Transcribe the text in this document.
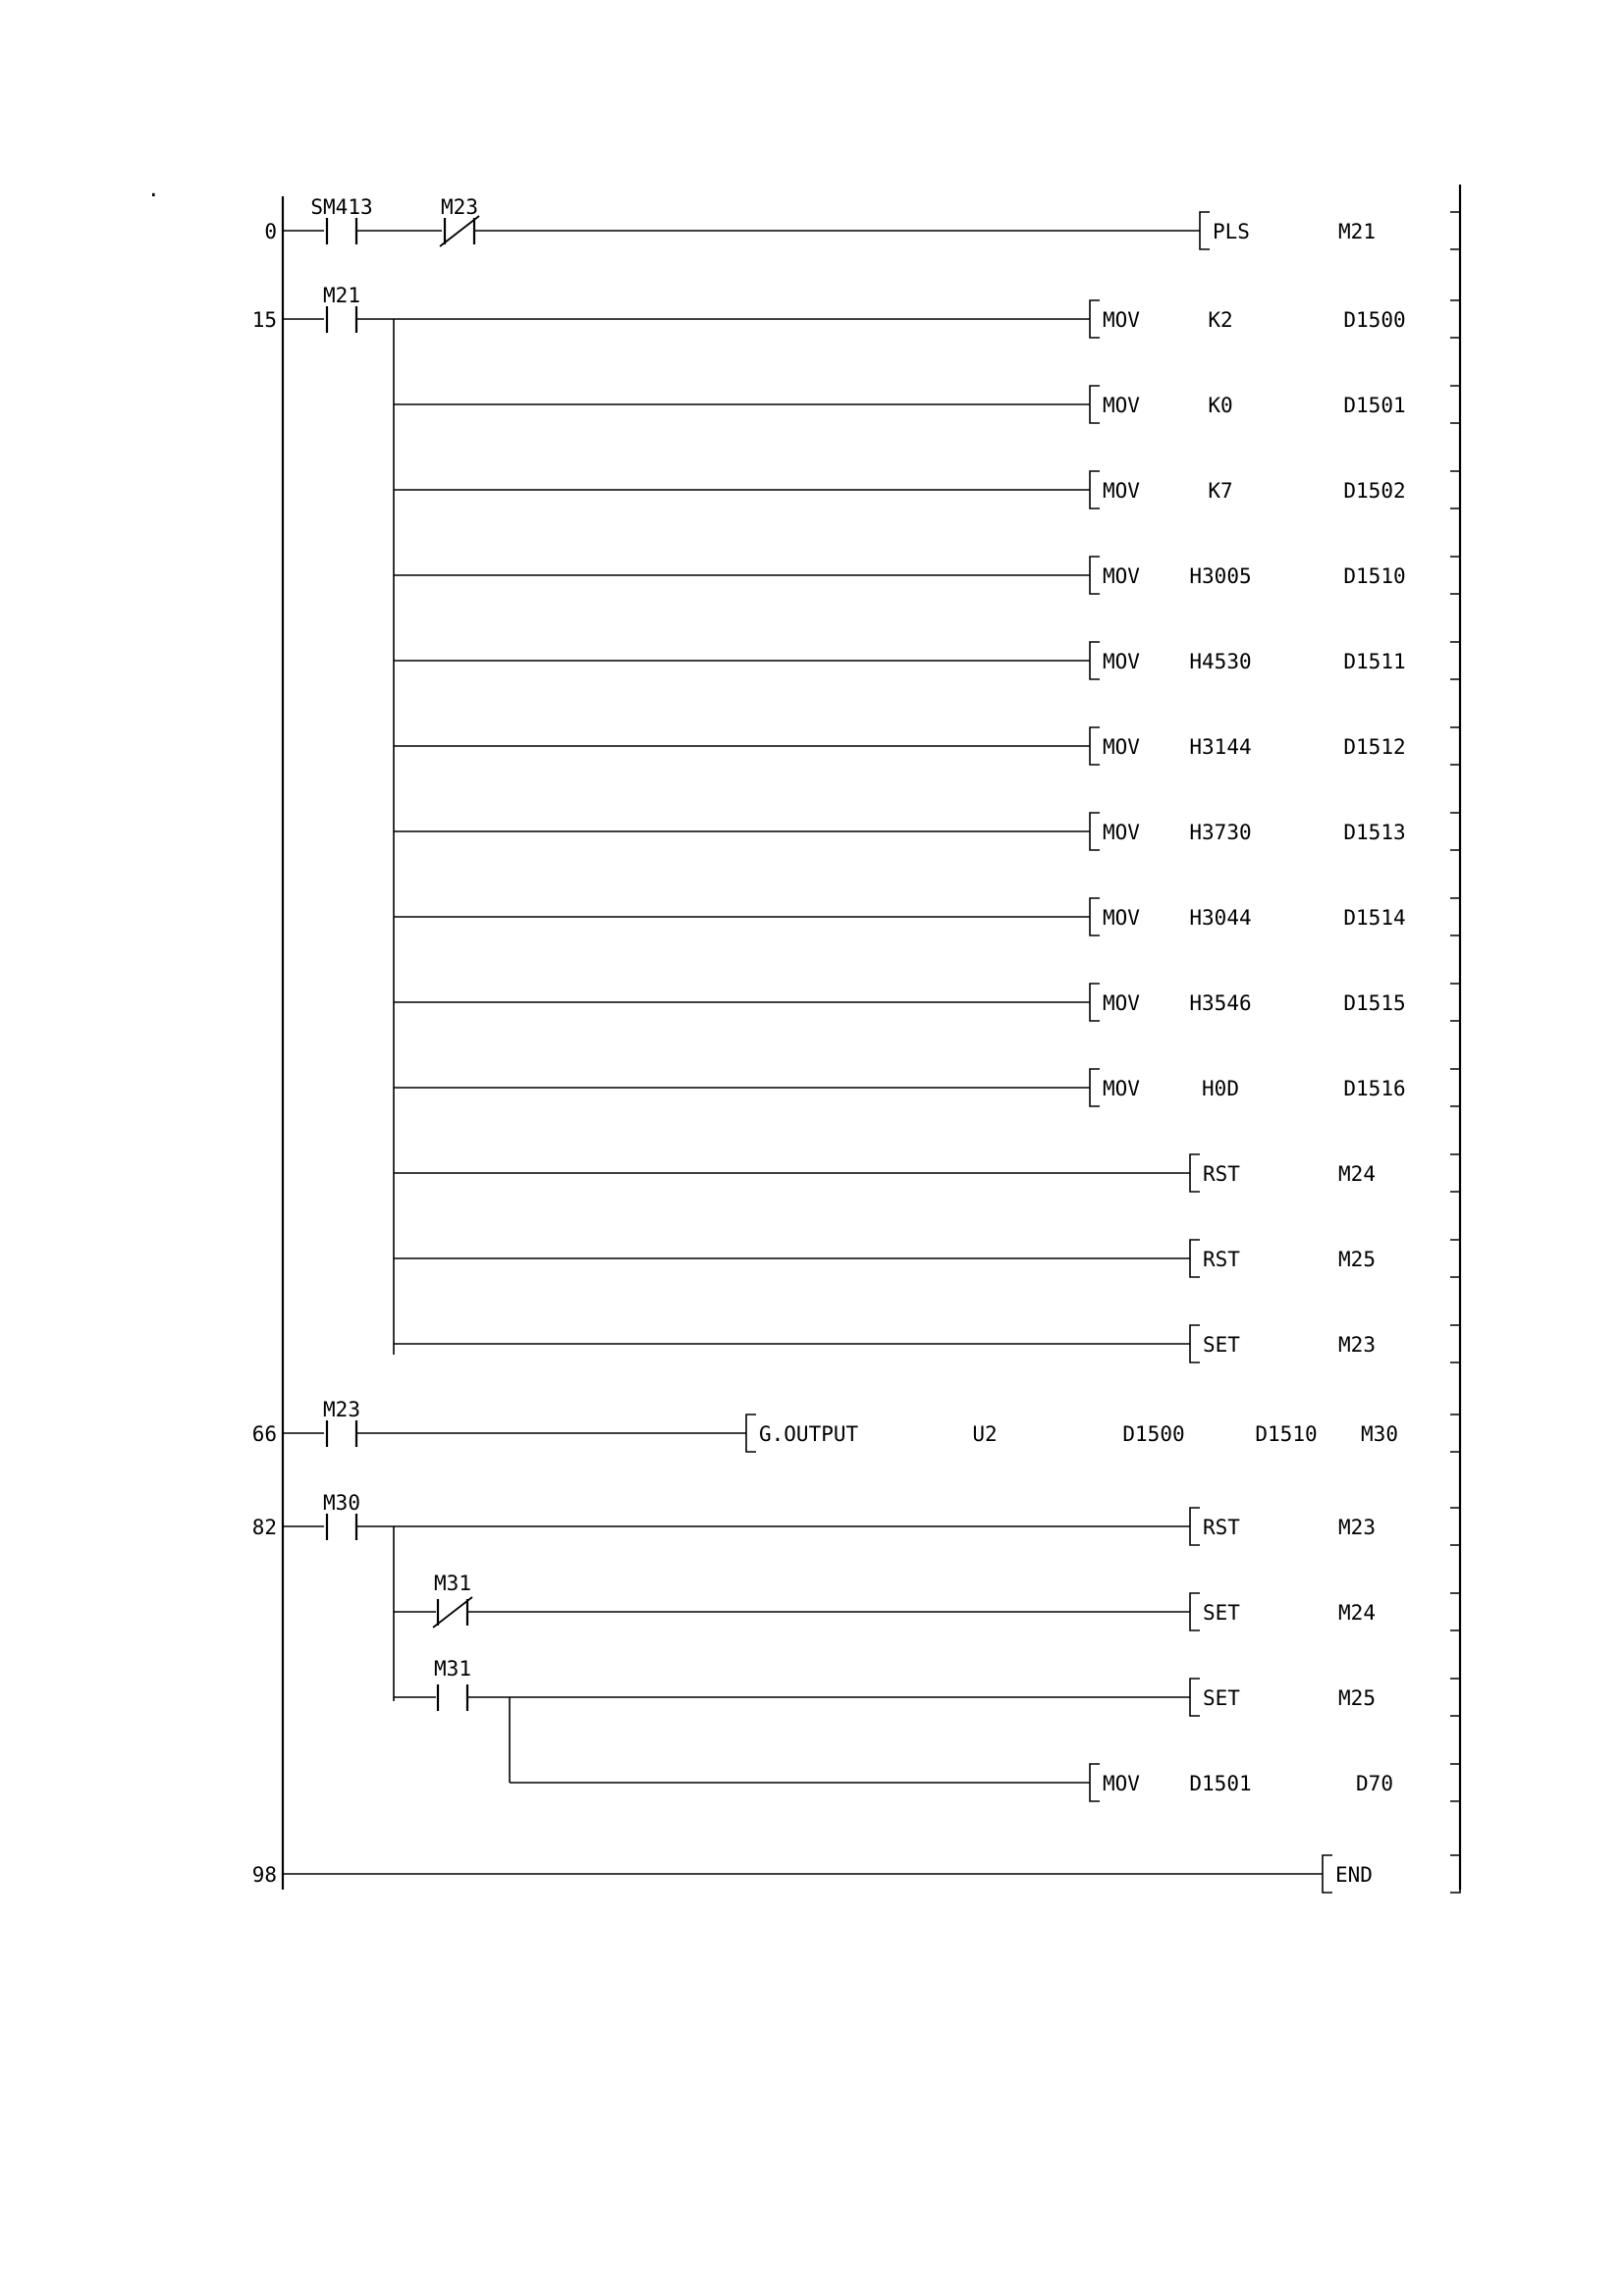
.
0
SM413	M23
PLS	M21
15
M21
MOV	K2	D1500
MOV	K0	D1501
MOV	K7	D1502
MOV H3005	D1510
MOV H4530	D1511
MOV H3144	D1512
MOV H3730	D1513
MOV H3044	D1514
MOV H3546	D1515
MOV	H0D	D1516
RST	M24
RST	M25
SET	M23
66
M23
G.OUTPUT	U2	D1500	D1510 M30
82
M30
RST	M23
M31
SET	M24
M31
SET	M25
MOV D1501	D70
98	END
